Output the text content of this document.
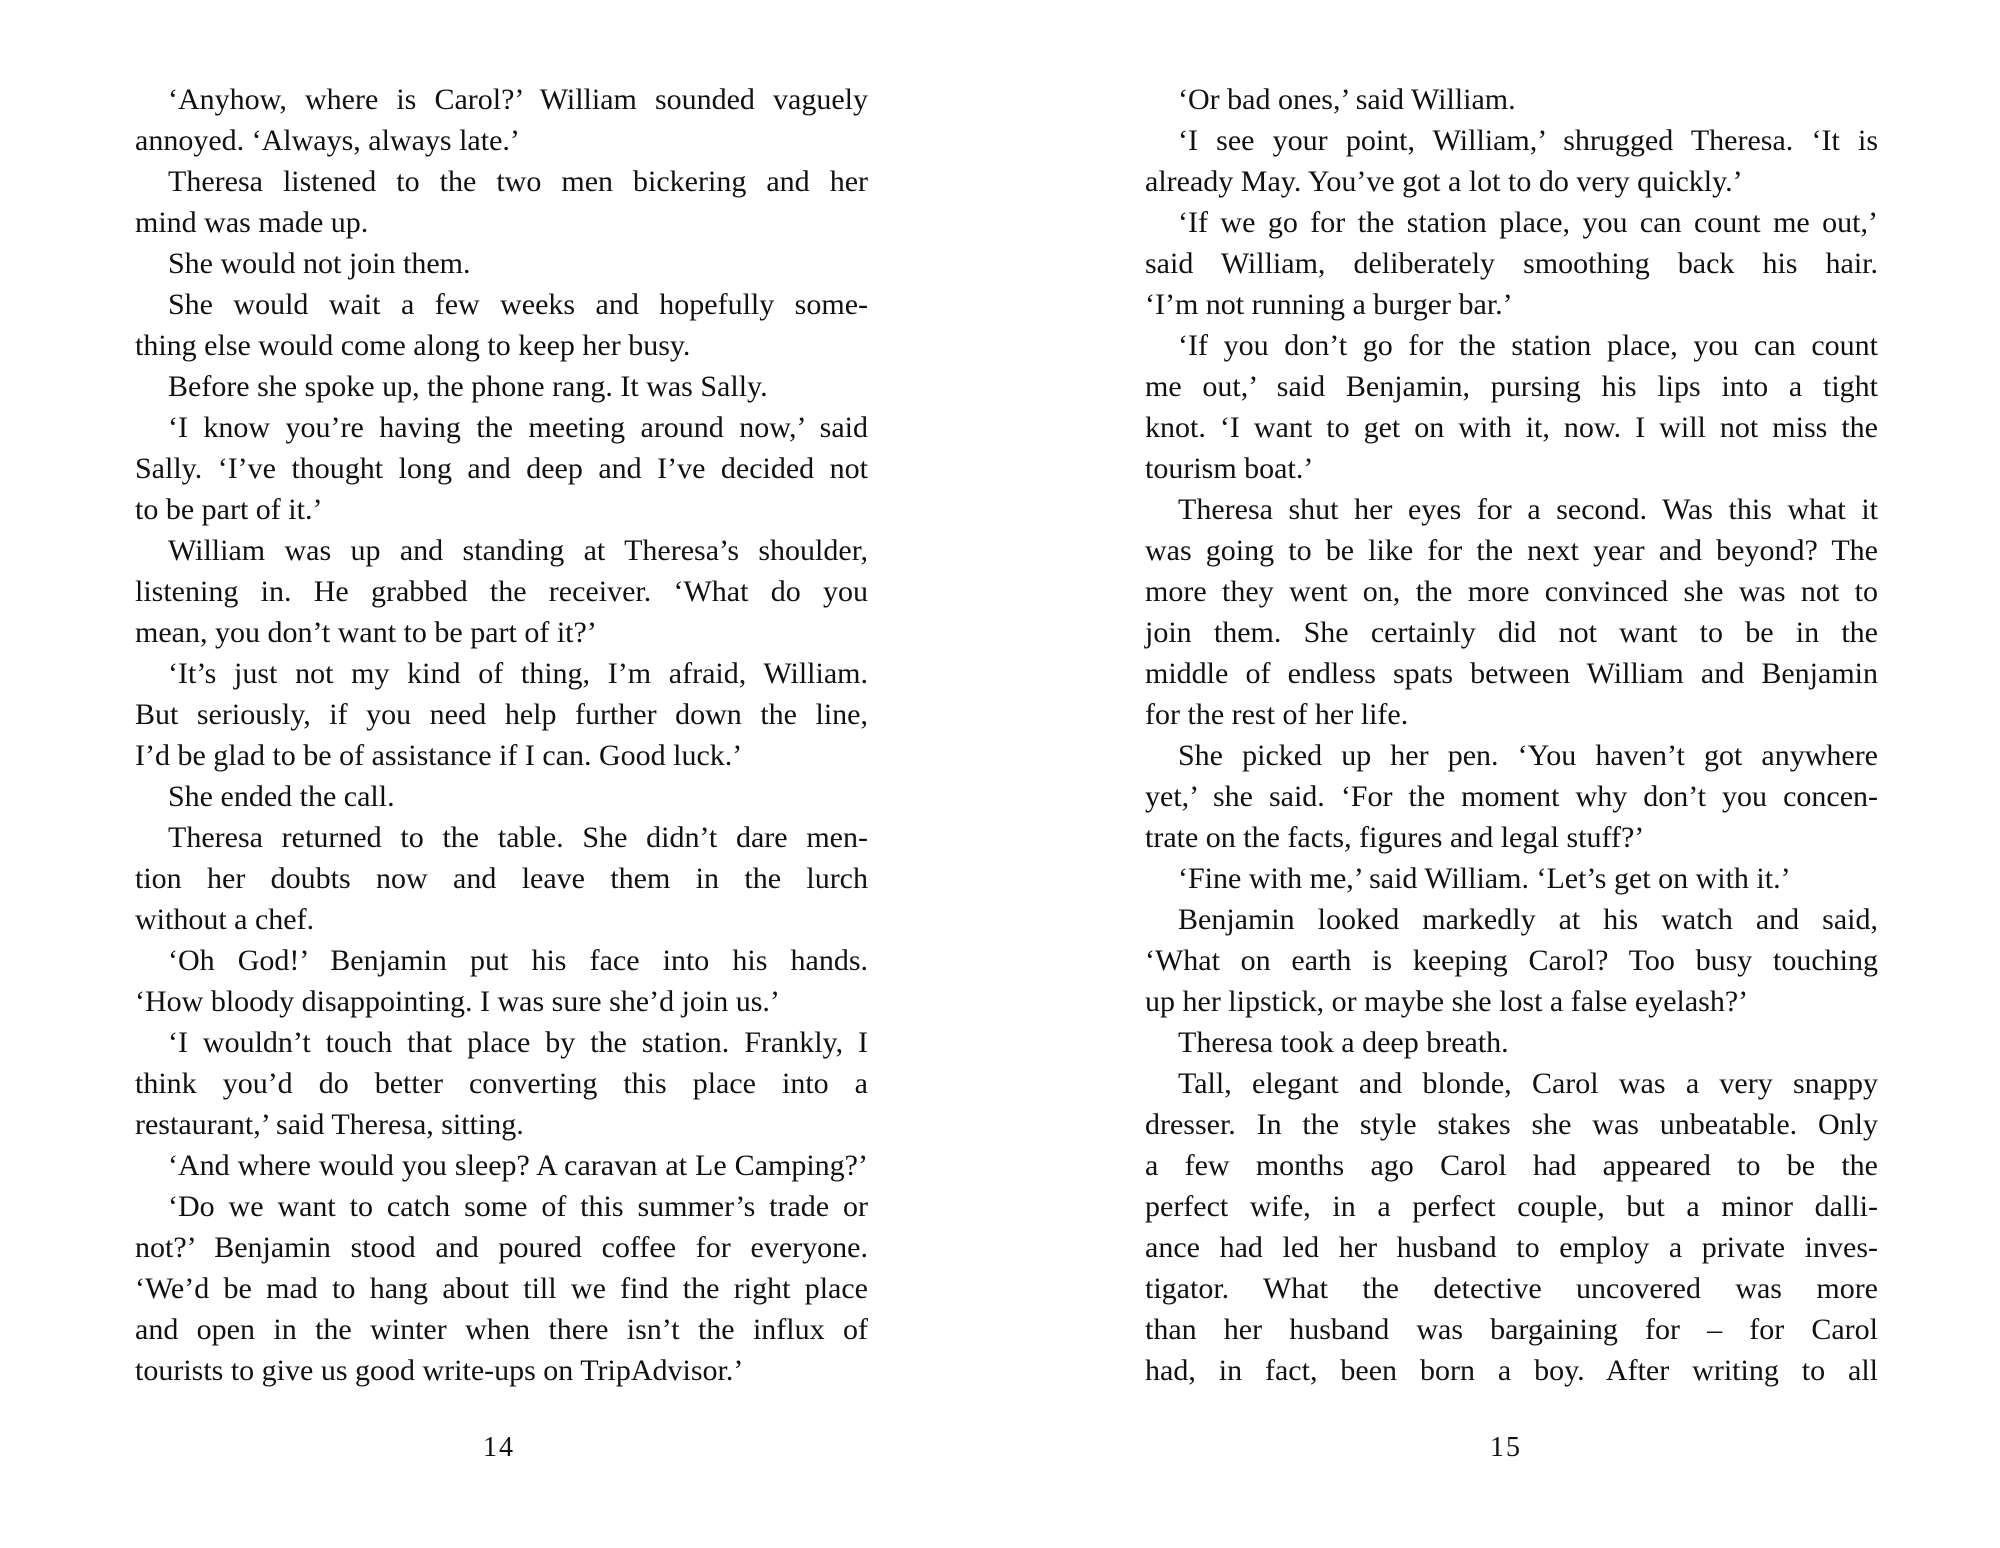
‘Anyhow, where is Carol?’ William sounded vaguely
annoyed. ‘Always, always late.’
Theresa listened to the two men bickering and her
mind was made up.
She would not join them.
She would wait a few weeks and hopefully some-
thing else would come along to keep her busy.
Before she spoke up, the phone rang. It was Sally.
‘I know you’re having the meeting around now,’ said
Sally. ‘I’ve thought long and deep and I’ve decided not
to be part of it.’
William was up and standing at Theresa’s shoulder,
listening in. He grabbed the receiver. ‘What do you
mean, you don’t want to be part of it?’
‘It’s just not my kind of thing, I’m afraid, William.
But seriously, if you need help further down the line,
I’d be glad to be of assistance if I can. Good luck.’
She ended the call.
Theresa returned to the table. She didn’t dare men-
tion her doubts now and leave them in the lurch
without a chef.
‘Oh God!’ Benjamin put his face into his hands.
‘How bloody disappointing. I was sure she’d join us.’
‘I wouldn’t touch that place by the station. Frankly, I
think you’d do better converting this place into a
restaurant,’ said Theresa, sitting.
‘And where would you sleep? A caravan at Le Camping?’
‘Do we want to catch some of this summer’s trade or
not?’ Benjamin stood and poured coffee for everyone.
‘We’d be mad to hang about till we find the right place
and open in the winter when there isn’t the influx of
tourists to give us good write-ups on TripAdvisor.’
14
‘Or bad ones,’ said William.
‘I see your point, William,’ shrugged Theresa. ‘It is
already May. You’ve got a lot to do very quickly.’
‘If we go for the station place, you can count me out,’
said William, deliberately smoothing back his hair.
‘I’m not running a burger bar.’
‘If you don’t go for the station place, you can count
me out,’ said Benjamin, pursing his lips into a tight
knot. ‘I want to get on with it, now. I will not miss the
tourism boat.’
Theresa shut her eyes for a second. Was this what it
was going to be like for the next year and beyond? The
more they went on, the more convinced she was not to
join them. She certainly did not want to be in the
middle of endless spats between William and Benjamin
for the rest of her life.
She picked up her pen. ‘You haven’t got anywhere
yet,’ she said. ‘For the moment why don’t you concen-
trate on the facts, figures and legal stuff?’
‘Fine with me,’ said William. ‘Let’s get on with it.’
Benjamin looked markedly at his watch and said,
‘What on earth is keeping Carol? Too busy touching
up her lipstick, or maybe she lost a false eyelash?’
Theresa took a deep breath.
Tall, elegant and blonde, Carol was a very snappy
dresser. In the style stakes she was unbeatable. Only
a few months ago Carol had appeared to be the
perfect wife, in a perfect couple, but a minor dalli-
ance had led her husband to employ a private inves-
tigator. What the detective uncovered was more
than her husband was bargaining for – for Carol
had, in fact, been born a boy. After writing to all
15
